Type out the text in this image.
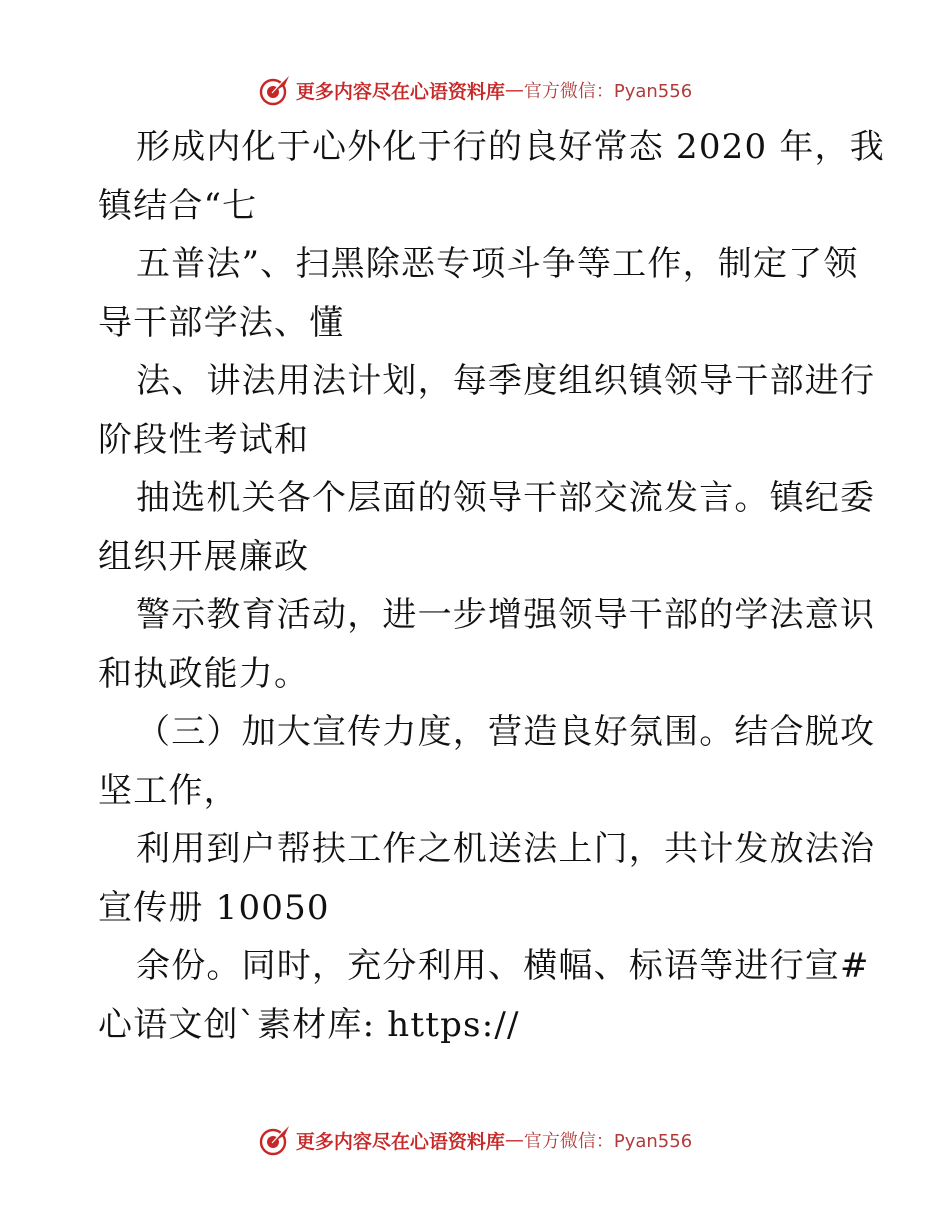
更多内容尽在心语资料库 — 官方微信：Pyan556
形成内化于心外化于行的良好常态 2020 年，我
镇结合“七
五普法”、扫黑除恶专项斗争等工作，制定了领
导干部学法、懂
法、讲法用法计划，每季度组织镇领导干部进行
阶段性考试和
抽选机关各个层面的领导干部交流发言。镇纪委
组织开展廉政
警示教育活动，进一步增强领导干部的学法意识
和执政能力。
（三）加大宣传力度，营造良好氛围。结合脱攻
坚工作，
利用到户帮扶工作之机送法上门，共计发放法治
宣传册 10050
余份。同时，充分利用、横幅、标语等进行宣#
心语文创`素材库: https://
更多内容尽在心语资料库 — 官方微信：Pyan556
